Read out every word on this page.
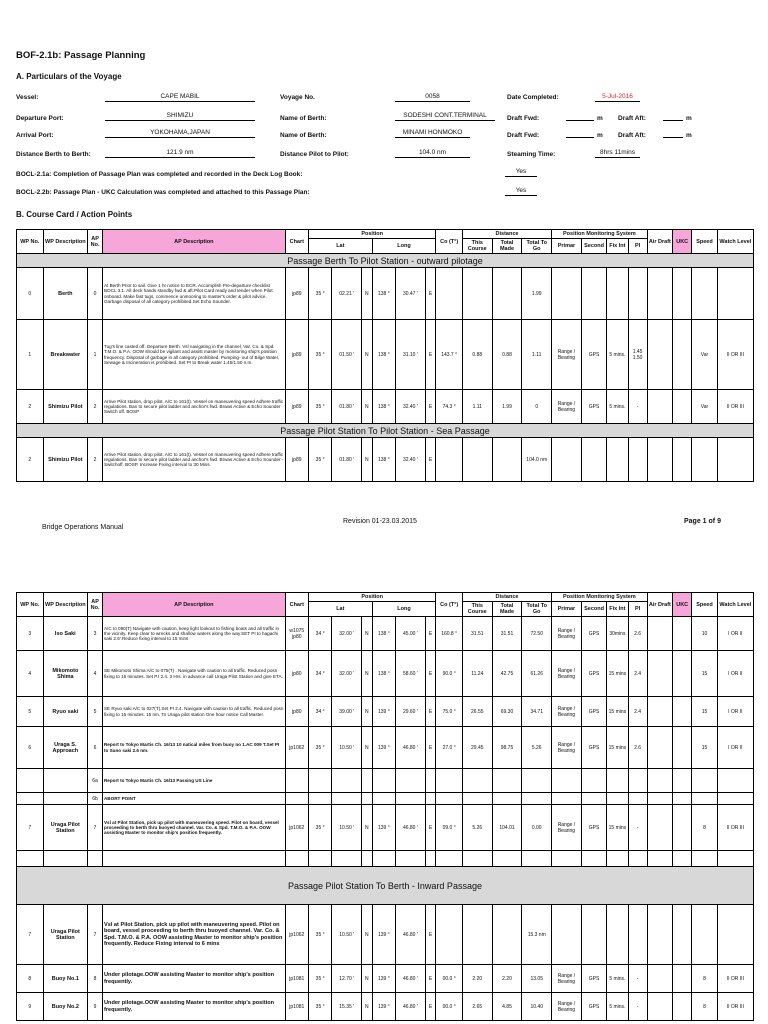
BOF-2.1b: Passage Planning
A. Particulars of the Voyage
Vessel:	CAPE MABIL	Voyage No.	0058	Date Completed:	5-Jul-2016
Departure Port:	SHIMIZU	Name of Berth:	SODESHI CONT.TERMINAL	Draft Fwd:	m Draft Aft:	m
Arrival Port:	YOKOHAMA,JAPAN	Name of Berth:	MINAMI HONMOKO	Draft Fwd:	m Draft Aft:	m
Distance Berth to Berth:	121.9 nm	Distance Pilot to Pilot:	104.0 nm	Steaming Time:	8hrs 11mins
BOCL-2.1a: Completion of Passage Plan was completed and recorded in the Deck Log Book:	Yes
BOCL-2.2b: Passage Plan - UKC Calculation was completed and attached to this Passage Plan:	Yes
B. Course Card / Action Points
WP No.	WP Description	AP No.	AP Description	Chart	Position						Co (T°)	Distance			Position Monitoring System				Air Draft	UKC	Speed	Watch Level
					Lat			Long				This Course	Total Made	Total To Go	Primar	Second	Fix Int	PI				
Passage Berth To Pilot Station - outward pilotage																						
0	Berth	0	At Berth Prior to sail. Give 1 hr notice to ECR. Accomplish Pre-departure checklist BOCL 3.1. All deck hands standby fwd & aft.Pilot Card ready and tender when Pilot onboard. Make fast tugs, commence unmooring to master's order & pilot advice. Garbage disposal of all category prohibited.Set Echo Sounder.	jp89	35 °	02.21 '	N	138 °	30.47 '	E				1.99								
1	Breakwater	1	Tug's line casted off. Departure Berth. Vsl navigating in the channel, Var. Co. & Spd. T.M.O. & P.A. OOW should be vigilant and assist master by monitoring ship's position frequency. Disposal of garbage in all category prohibited. Pumping- out of Bilge Water, Sewage & Incineration is prohibited. Set PI to Break water 1.45/1.50 n.m.	jp89	35 °	01.50 '	N	138 °	31.10 '	E	143.7 °	0.88	0.88	1.11	Range / Bearing	GPS	5 mins.	1.45 1.50			Var	II OR III
2	Shimizu Pilot	2	Arrive Pilot station, drop pilot. A/C to 161(t). Vessel on maneuvering speed Adhere traffic regulations. Ban to secure pilot ladder and anchor's fwd. Brwas Active & Echo Sounder Switch off. BOSP	jp89	35 °	01.80 '	N	138 °	32.40 '	E	74.3 °	1.11	1.99	0	Range / Bearing	GPS	5 mins.	-			Var	II OR III
Passage Pilot Station To Pilot Station - Sea Passage																						
2	Shimizu Pilot	2	Arrive Pilot station, drop pilot. A/C to 161(t). Vessel on maneuvering speed Adhere traffic regulations. Ban to secure pilot ladder and anchor's fwd. Brwas Active & Echo Sounder - Switchoff. BOSP. Increase Fixing interval to 30 Mins.	jp89	35 °	01.80 '	N	138 °	32.40 '	E				104.0 nm								
Bridge Operations Manual
Revision 01-23.03.2015	Page 1 of 9
WP No.	WP Description	AP No.	AP Description	Chart	Position						Co (T°)	Distance			Position Monitoring System				Air Draft	UKC	Speed	Watch Level
					Lat			Long				This Course	Total Made	Total To Go	Primar	Second	Fix Int	PI				
3	Iso Saki	3	A/C to 090(T) Navigate with caution, keep light lookout to fishing boats and all traffic in the vicinity. Keep clear to wrecks and shallow waters along the way.SET PI to hagachi saki 2.6'.Reduce fixing interval to 15 mins	w1075 jp80	34 °	32.00 '	N	138 °	45.00 '	E	160.8 °	31.51	31.51	72.50	Range / Bearing	GPS	30mins	2.6			10	I OR II
4	Mikomoto Shima	4	SE Mikomoto Shima A/C to 075(T) . Navigate with caution to all traffic. Reduced posn fixing to 15 minutes. Set P.I 2.4. 3 Hrs. in advance call Uraga Pilot Station and give ETA.	jp80	34 °	32.00 '	N	138 °	58.60 '	E	90.0 °	11.24	42.75	61.26	Range / Bearing	GPS	15 mins	2.4			15	I OR II
5	Ryuo saki	5	SE Ryuo saki A/C to 027(T).Set PI 2.4. Navigate with caution to all traffic. Reduced posn fixing to 15 minutes. 15 nm. To Uraga pilot station One hour notice Call Master.	jp80	34 °	39.00 '	N	139 °	29.60 '	E	75.0 °	26.55	69.30	34.71	Range / Bearing	GPS	15 mins	2.4			15	I OR II
6	Uraga S. Approach	6	Report to Tokyo Martis Ch. 16/13 10 natical miles from buoy no 1.AC 009 T.Set PI to Suno saki 2.6 nm.	jp1062	35 °	10.50 '	N	139 °	46.80 '	E	27.0 °	29.45	98.75	5.26	Range / Bearing	GPS	15 mins	2.6			15	I OR II
		6a	Report to Tokyo Martis Ch. 16/13 Passing US Line																			
		6b	ABORT POINT																			
7	Uraga Pilot Station	7	Vsl at Pilot Station, pick up pilot with maneuvering speed. Pilot on board, vessel proceeding to berth thru buoyed channel. Var. Co. & Spd. T.M.O. & P.A. OOW assisting Master to monitor ship's position frequently.	jp1062	35 °	10.50 '	N	139 °	46.80 '	E	09.0 °	5.26	104.01	0.00	Range / Bearing	GPS	15 mins	-			8	II OR III

Passage Pilot Station To Berth - Inward Passage																						
7	Uraga Pilot Station	7	Vsl at Pilot Station, pick up pilot with maneuvering speed. Pilot on board, vessel proceeding to berth thru buoyed channel. Var. Co. & Spd. T.M.O. & P.A. OOW assisting Master to monitor ship's position frequently. Reduce Fixing interval to 6 mins	jp1062	35 °	10.50 '	N	139 °	46.80 '	E				15.3 nm								
8	Buoy No.1	8	Under pilotage.OOW assisting Master to monitor ship's position frequently.	jp1081	35 °	12.70 '	N	139 °	46.80 '	E	00.0 °	2.20	2.20	13.05	Range / Bearing	GPS	5 mins.	-			8	II OR III
9	Buoy No.2	9	Under pilotage.OOW assisting Master to monitor ship's position frequently.	jp1081	35 °	15.35 '	N	139 °	46.80 '	E	00.0 °	2.65	4.85	10.40	Range / Bearing	GPS	5 mins.	-			8	II OR III
